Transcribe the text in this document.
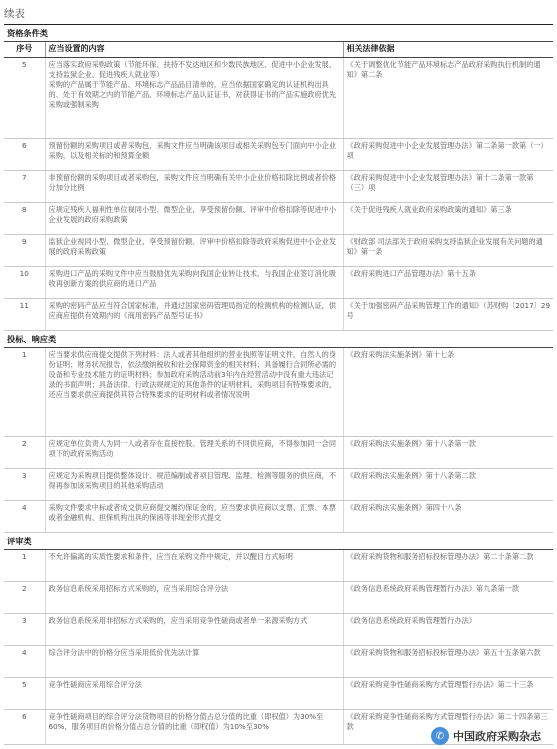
续表
资格条件类		
序号	应当设置的内容	相关法律依据
5	应当落实政府采购政策（节能环保、扶持不发达地区和少数民族地区、促进中小企业发展、支持监狱企业、促进残疾人就业等）
采购的产品属于节能产品、环境标志产品品目清单的，应当依据国家确定的认证机构出具的、处于有效期之内的节能产品、环境标志产品认证证书，对获得证书的产品实施政府优先采购或强制采购	《关于调整优化节能产品环境标志产品政府采购执行机制的通知》第二条
6	预留份额的采购项目或者采购包，采购文件应当明确该项目或相关采购包专门面向中小企业采购，以及相关标的和预算金额	《政府采购促进中小企业发展管理办法》第二条第一款第（一）项
7	非预留份额的采购项目或者采购包，采购文件应当明确有关中小企业价格扣除比例或者价格分加分比例	《政府采购促进中小企业发展管理办法》第十二条第一款第（三）项
8	应规定残疾人福利性单位视同小型、微型企业，享受预留份额、评审中价格扣除等促进中小企业发展的政府采购政策	《关于促进残疾人就业政府采购政策的通知》第三条
9	监狱企业视同小型、微型企业，享受预留份额、评审中价格扣除等政府采购促进中小企业发展的政府采购政策	《财政部 司法部关于政府采购支持监狱企业发展有关问题的通知》第一条
10	采购进口产品的采购文件中应当鼓励优先采购向我国企业转让技术、与我国企业签订消化吸收再创新方案的供应商的进口产品	《政府采购进口产品管理办法》第十五条
11	采购的密码产品应当符合国家标准，并通过国家密码管理局指定的检测机构的检测认证，供应商应提供有效期内的《商用密码产品型号证书》	《关于加强密码产品采购管理工作的通知》（苏财购〔2017〕29号
投标、响应类		
1	应当要求供应商提交提供下列材料：法人或者其他组织的营业执照等证明文件，自然人的身份证明；财务状况报告，依法缴纳税收和社会保障资金的相关材料；具备履行合同所必需的设备和专业技术能力的证明材料；参加政府采购活动前3年内在经营活动中没有重大违法记录的书面声明；具备法律、行政法规规定的其他条件的证明材料。采购项目有特殊要求的，还应当要求供应商提供其符合特殊要求的证明材料或者情况说明	《政府采购法实施条例》第十七条
2	应规定单位负责人为同一人或者存在直接控股、管理关系的不同供应商，不得参加同一合同项下的政府采购活动	《政府采购法实施条例》第十八条第一款
3	应规定为采购项目提供整体设计、规范编制或者项目管理、监理、检测等服务的供应商，不得再参加该采购项目的其他采购活动	《政府采购法实施条例》第十八条第二款
4	采购文件要求中标或者成交供应商提交履约保证金的，应当要求供应商以支票、汇票、本票或者金融机构、担保机构出具的保函等非现金形式提交	《政府采购法实施条例》第四十八条
评审类		
1	不允许偏离的实质性要求和条件，应当在采购文件中规定，并以醒目方式标明	《政府采购货物和服务招标投标管理办法》第二十条第二款
2	政务信息系统采用招标方式采购的，应当采用综合评分法	《政务信息系统政府采购管理暂行办法》第九条第一款
3	政务信息系统采用非招标方式采购的，应当采用竞争性磋商或者单一来源采购方式	《政务信息系统政府采购管理暂行办法》
4	综合评分法中的价格分应当采用低价优先法计算	《政府采购货物和服务招标投标管理办法》第五十五条第六款
5	竞争性磋商应采用综合评分法	《政府采购竞争性磋商采购方式管理暂行办法》第二十三条
6	竞争性磋商项目的综合评分法货物项目的价格分值占总分值的比重（即权值）为30%至60%，服务项目的价格分值占总分值的比重（即权值）为10%至30%	《政府采购竞争性磋商采购方式管理暂行办法》第二十四条第三款
✆ 中国政府采购杂志
